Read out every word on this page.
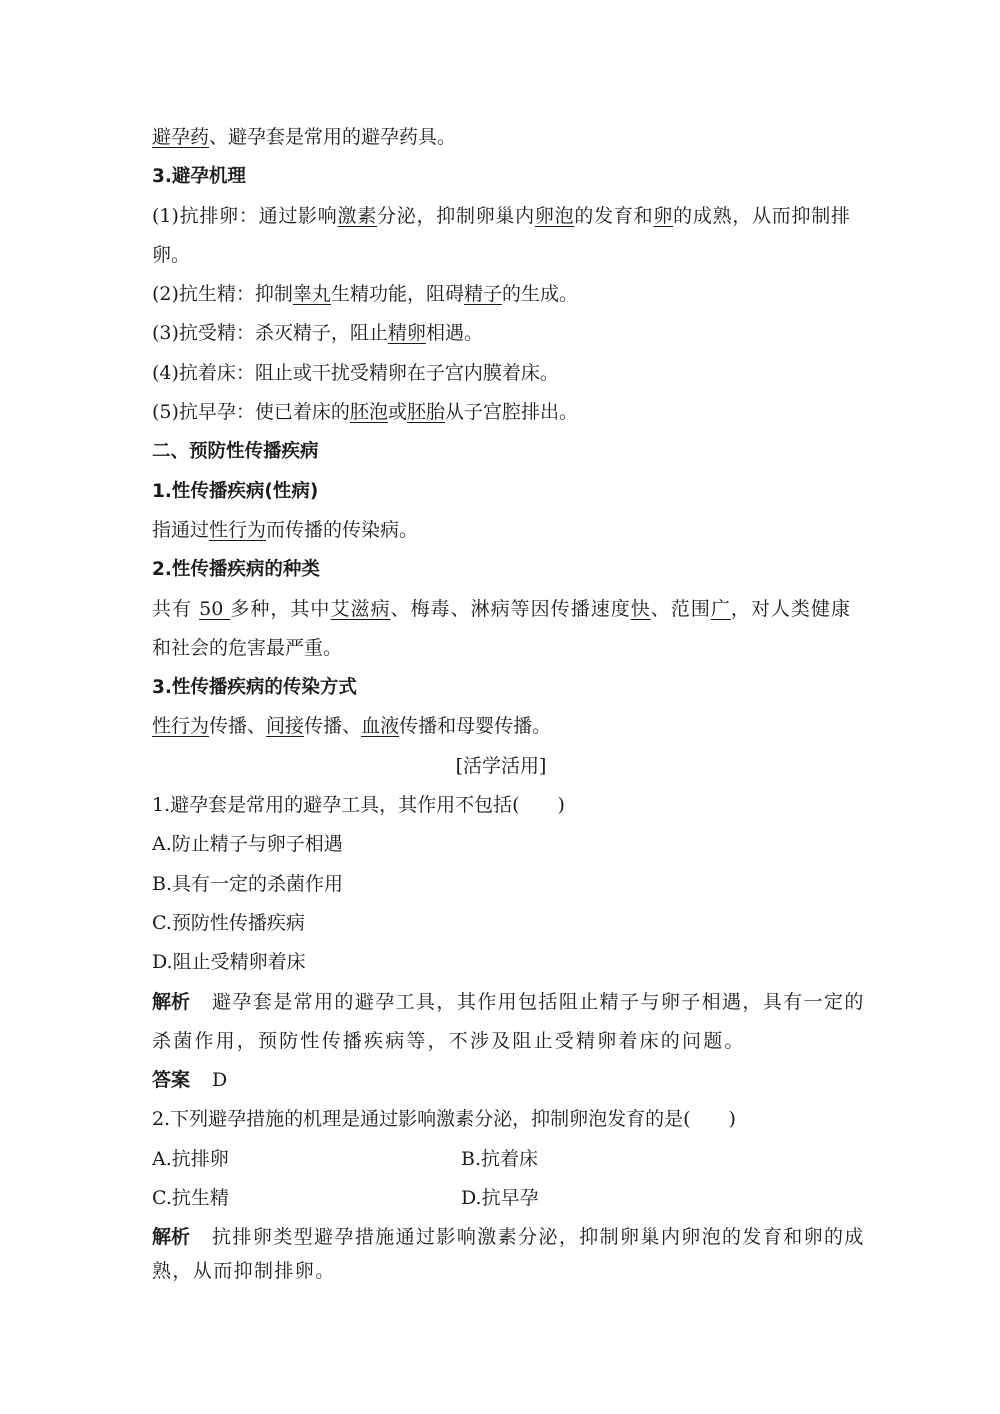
避孕药、避孕套是常用的避孕药具。
3.避孕机理
(1)抗排卵：通过影响激素分泌，抑制卵巢内卵泡的发育和卵的成熟，从而抑制排
卵。
(2)抗生精：抑制睾丸生精功能，阻碍精子的生成。
(3)抗受精：杀灭精子，阻止精卵相遇。
(4)抗着床：阻止或干扰受精卵在子宫内膜着床。
(5)抗早孕：使已着床的胚泡或胚胎从子宫腔排出。
二、预防性传播疾病
1.性传播疾病(性病)
指通过性行为而传播的传染病。
2.性传播疾病的种类
共有 50 多种，其中艾滋病、梅毒、淋病等因传播速度快、范围广，对人类健康
和社会的危害最严重。
3.性传播疾病的传染方式
性行为传播、间接传播、血液传播和母婴传播。
[活学活用]
1.避孕套是常用的避孕工具，其作用不包括(　　)
A.防止精子与卵子相遇
B.具有一定的杀菌作用
C.预防性传播疾病
D.阻止受精卵着床
解析 避孕套是常用的避孕工具，其作用包括阻止精子与卵子相遇，具有一定的
杀菌作用，预防性传播疾病等，不涉及阻止受精卵着床的问题。
答案 D
2.下列避孕措施的机理是通过影响激素分泌，抑制卵泡发育的是(　　)
A.抗排卵	B.抗着床
C.抗生精	D.抗早孕
解析 抗排卵类型避孕措施通过影响激素分泌，抑制卵巢内卵泡的发育和卵的成
熟，从而抑制排卵。
